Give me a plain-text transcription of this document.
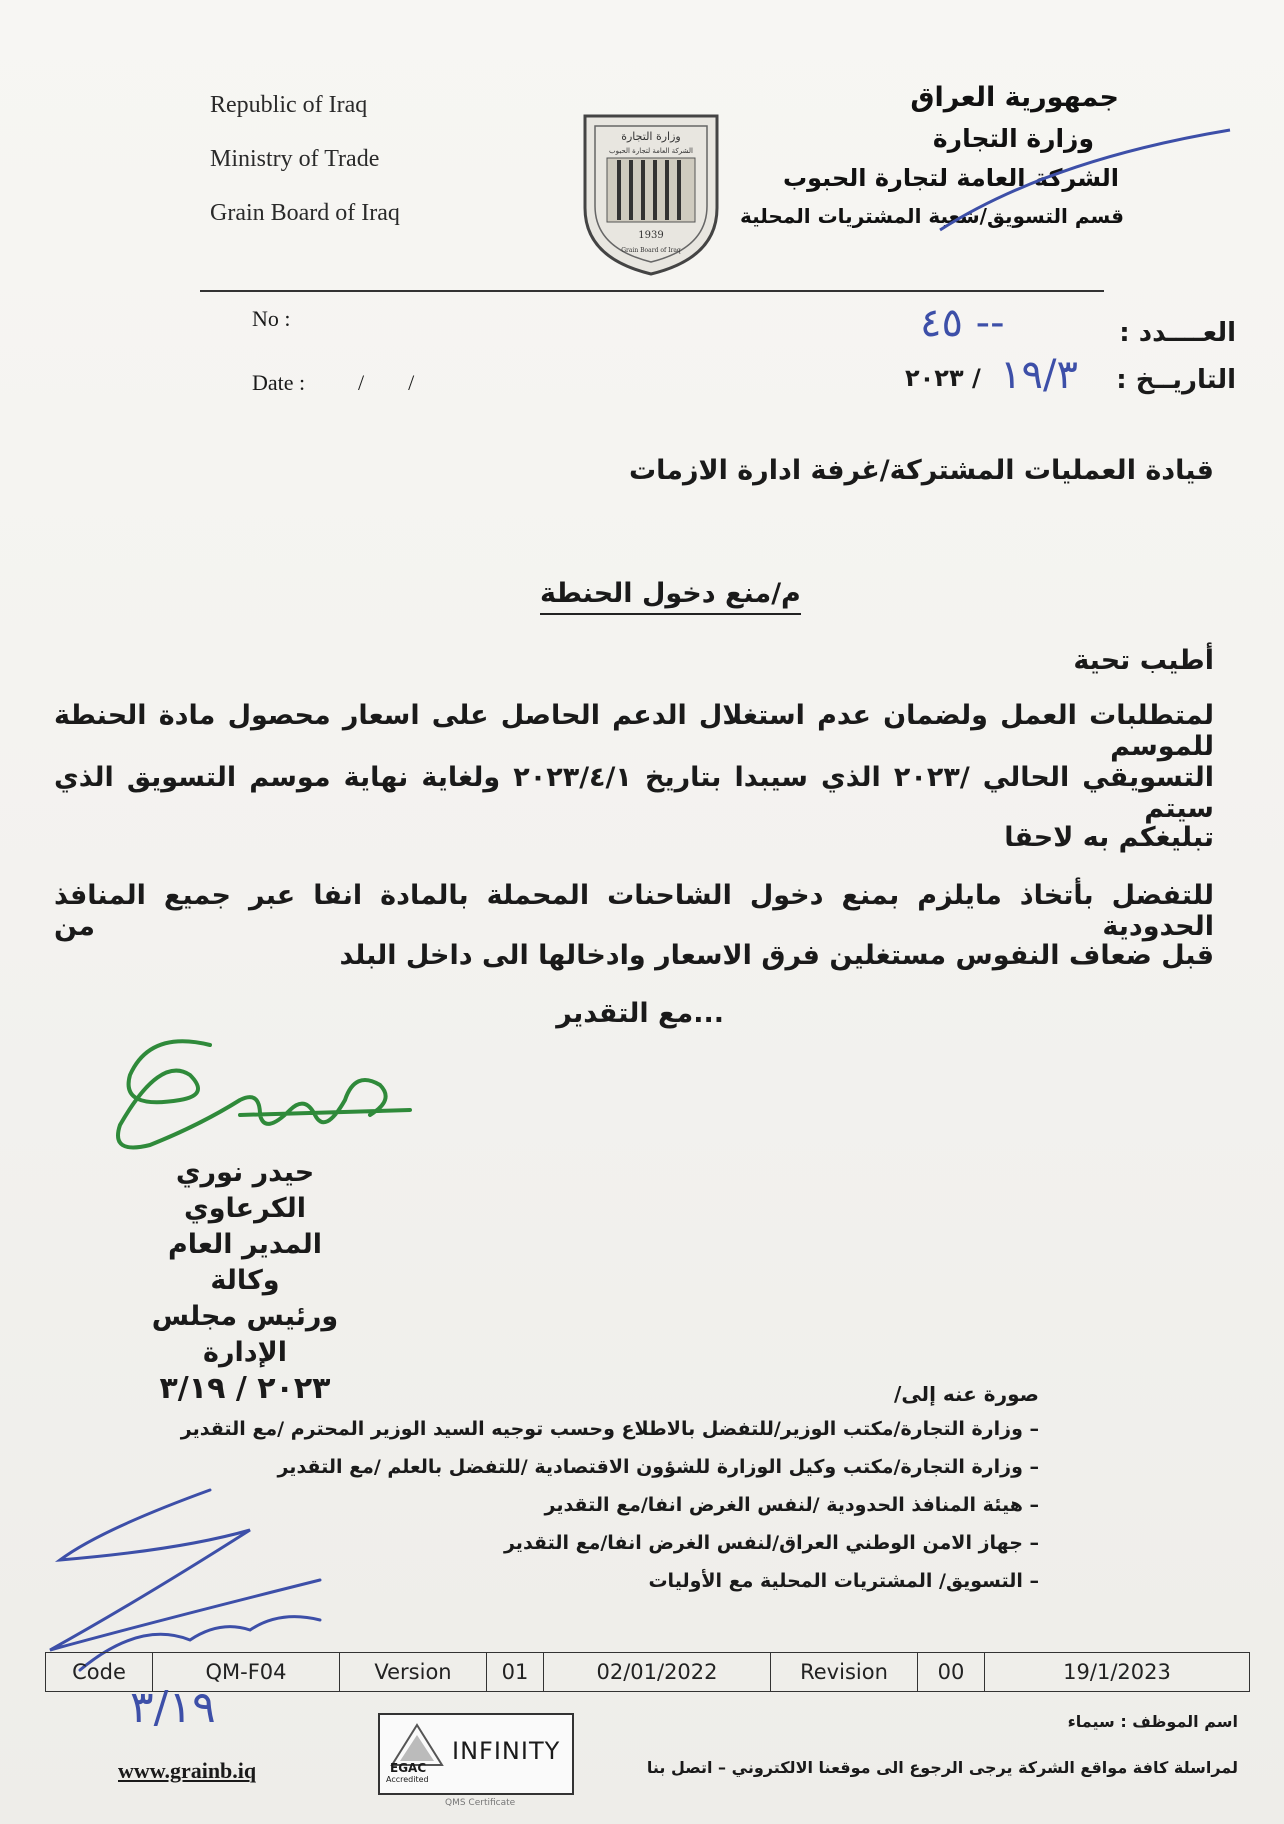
Republic of Iraq
Ministry of Trade
Grain Board of Iraq
وزارة التجارة
الشركة العامة لتجارة الحبوب
1939
Grain Board of Iraq
جمهورية العراق
وزارة التجارة
الشركة العامة لتجارة الحبوب
قسم التسويق/شعبة المشتريات المحلية
No :
Date : /        /
العــــدد :
التاريــخ :
٤٥ --
١٩/٣
٢٠٢٣ /
قيادة العمليات المشتركة/غرفة ادارة الازمات
م/منع دخول الحنطة
أطيب تحية
لمتطلبات العمل ولضمان عدم استغلال الدعم الحاصل على اسعار محصول مادة الحنطة للموسم
التسويقي الحالي /٢٠٢٣ الذي سيبدا بتاريخ ٢٠٢٣/٤/١ ولغاية نهاية موسم التسويق الذي سيتم
تبليغكم به لاحقا
للتفضل بأتخاذ مايلزم بمنع دخول الشاحنات المحملة بالمادة انفا عبر جميع المنافذ الحدودية من
قبل ضعاف النفوس مستغلين فرق الاسعار وادخالها الى داخل البلد
...مع التقدير
حيدر نوري الكرعاوي
المدير العام وكالة
ورئيس مجلس الإدارة
٢٠٢٣ / ٣/١٩	صورة عنه إلى/
– وزارة التجارة/مكتب الوزير/للتفضل بالاطلاع وحسب توجيه السيد الوزير المحترم /مع التقدير
– وزارة التجارة/مكتب وكيل الوزارة للشؤون الاقتصادية /للتفضل بالعلم /مع التقدير
– هيئة المنافذ الحدودية /لنفس الغرض انفا/مع التقدير
– جهاز الامن الوطني العراق/لنفس الغرض انفا/مع التقدير
– التسويق/ المشتريات المحلية مع الأوليات
Code	QM-F04	Version	01	02/01/2022	Revision	00	19/1/2023
٣/١٩	اسم الموظف : سيماء
لمراسلة كافة مواقع الشركة يرجى الرجوع الى موقعنا الالكتروني – اتصل بنا
www.grainb.iq	EGAC
Accredited
INFINITY
QMS Certificate
